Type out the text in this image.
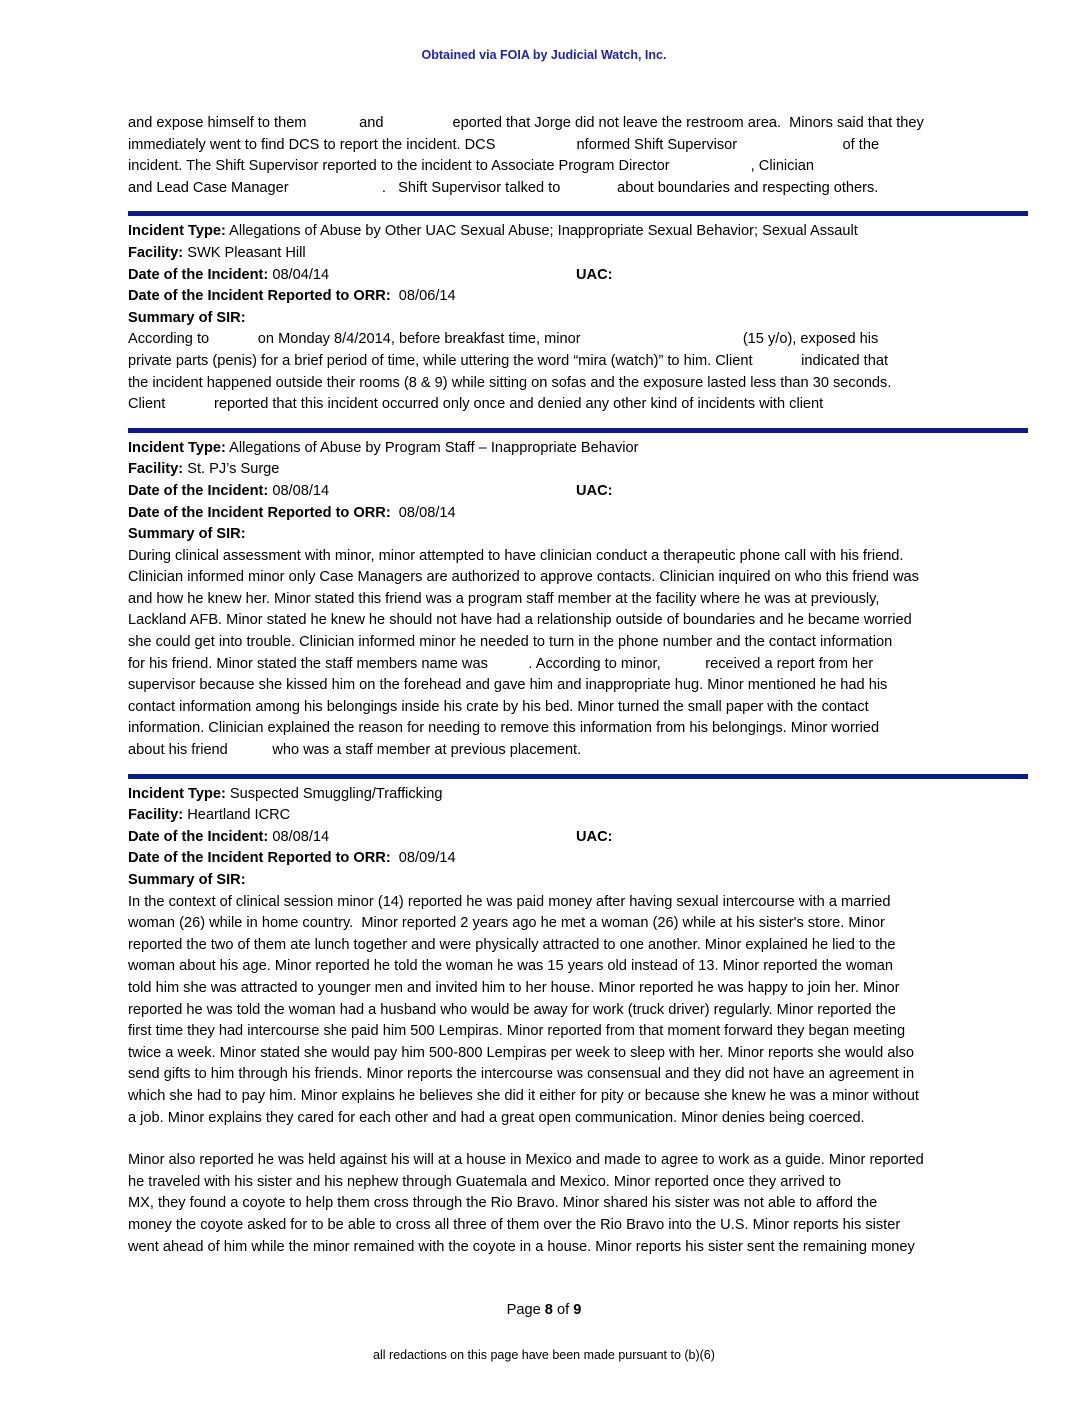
Obtained via FOIA by Judicial Watch, Inc.
and expose himself to them             and                 eported that Jorge did not leave the restroom area.  Minors said that they
immediately went to find DCS to report the incident. DCS                    nformed Shift Supervisor                          of the
incident. The Shift Supervisor reported to the incident to Associate Program Director                    , Clinician
and Lead Case Manager                       .   Shift Supervisor talked to              about boundaries and respecting others.
Incident Type: Allegations of Abuse by Other UAC Sexual Abuse; Inappropriate Sexual Behavior; Sexual Assault
Facility: SWK Pleasant Hill
Date of the Incident: 08/04/14	UAC:
Date of the Incident Reported to ORR: 08/06/14
Summary of SIR:
According to            on Monday 8/4/2014, before breakfast time, minor                                        (15 y/o), exposed his
private parts (penis) for a brief period of time, while uttering the word “mira (watch)” to him. Client            indicated that
the incident happened outside their rooms (8 & 9) while sitting on sofas and the exposure lasted less than 30 seconds.
Client            reported that this incident occurred only once and denied any other kind of incidents with client
Incident Type: Allegations of Abuse by Program Staff – Inappropriate Behavior
Facility: St. PJ’s Surge
Date of the Incident: 08/08/14	UAC:
Date of the Incident Reported to ORR: 08/08/14
Summary of SIR:
During clinical assessment with minor, minor attempted to have clinician conduct a therapeutic phone call with his friend.
Clinician informed minor only Case Managers are authorized to approve contacts. Clinician inquired on who this friend was
and how he knew her. Minor stated this friend was a program staff member at the facility where he was at previously,
Lackland AFB. Minor stated he knew he should not have had a relationship outside of boundaries and he became worried
she could get into trouble. Clinician informed minor he needed to turn in the phone number and the contact information
for his friend. Minor stated the staff members name was          . According to minor,           received a report from her
supervisor because she kissed him on the forehead and gave him and inappropriate hug. Minor mentioned he had his
contact information among his belongings inside his crate by his bed. Minor turned the small paper with the contact
information. Clinician explained the reason for needing to remove this information from his belongings. Minor worried
about his friend           who was a staff member at previous placement.
Incident Type: Suspected Smuggling/Trafficking
Facility: Heartland ICRC
Date of the Incident: 08/08/14	UAC:
Date of the Incident Reported to ORR: 08/09/14
Summary of SIR:
In the context of clinical session minor (14) reported he was paid money after having sexual intercourse with a married
woman (26) while in home country.  Minor reported 2 years ago he met a woman (26) while at his sister's store. Minor
reported the two of them ate lunch together and were physically attracted to one another. Minor explained he lied to the
woman about his age. Minor reported he told the woman he was 15 years old instead of 13. Minor reported the woman
told him she was attracted to younger men and invited him to her house. Minor reported he was happy to join her. Minor
reported he was told the woman had a husband who would be away for work (truck driver) regularly. Minor reported the
first time they had intercourse she paid him 500 Lempiras. Minor reported from that moment forward they began meeting
twice a week. Minor stated she would pay him 500-800 Lempiras per week to sleep with her. Minor reports she would also
send gifts to him through his friends. Minor reports the intercourse was consensual and they did not have an agreement in
which she had to pay him. Minor explains he believes she did it either for pity or because she knew he was a minor without
a job. Minor explains they cared for each other and had a great open communication. Minor denies being coerced.
Minor also reported he was held against his will at a house in Mexico and made to agree to work as a guide. Minor reported
he traveled with his sister and his nephew through Guatemala and Mexico. Minor reported once they arrived to
MX, they found a coyote to help them cross through the Rio Bravo. Minor shared his sister was not able to afford the
money the coyote asked for to be able to cross all three of them over the Rio Bravo into the U.S. Minor reports his sister
went ahead of him while the minor remained with the coyote in a house. Minor reports his sister sent the remaining money
Page 8 of 9
all redactions on this page have been made pursuant to (b)(6)
